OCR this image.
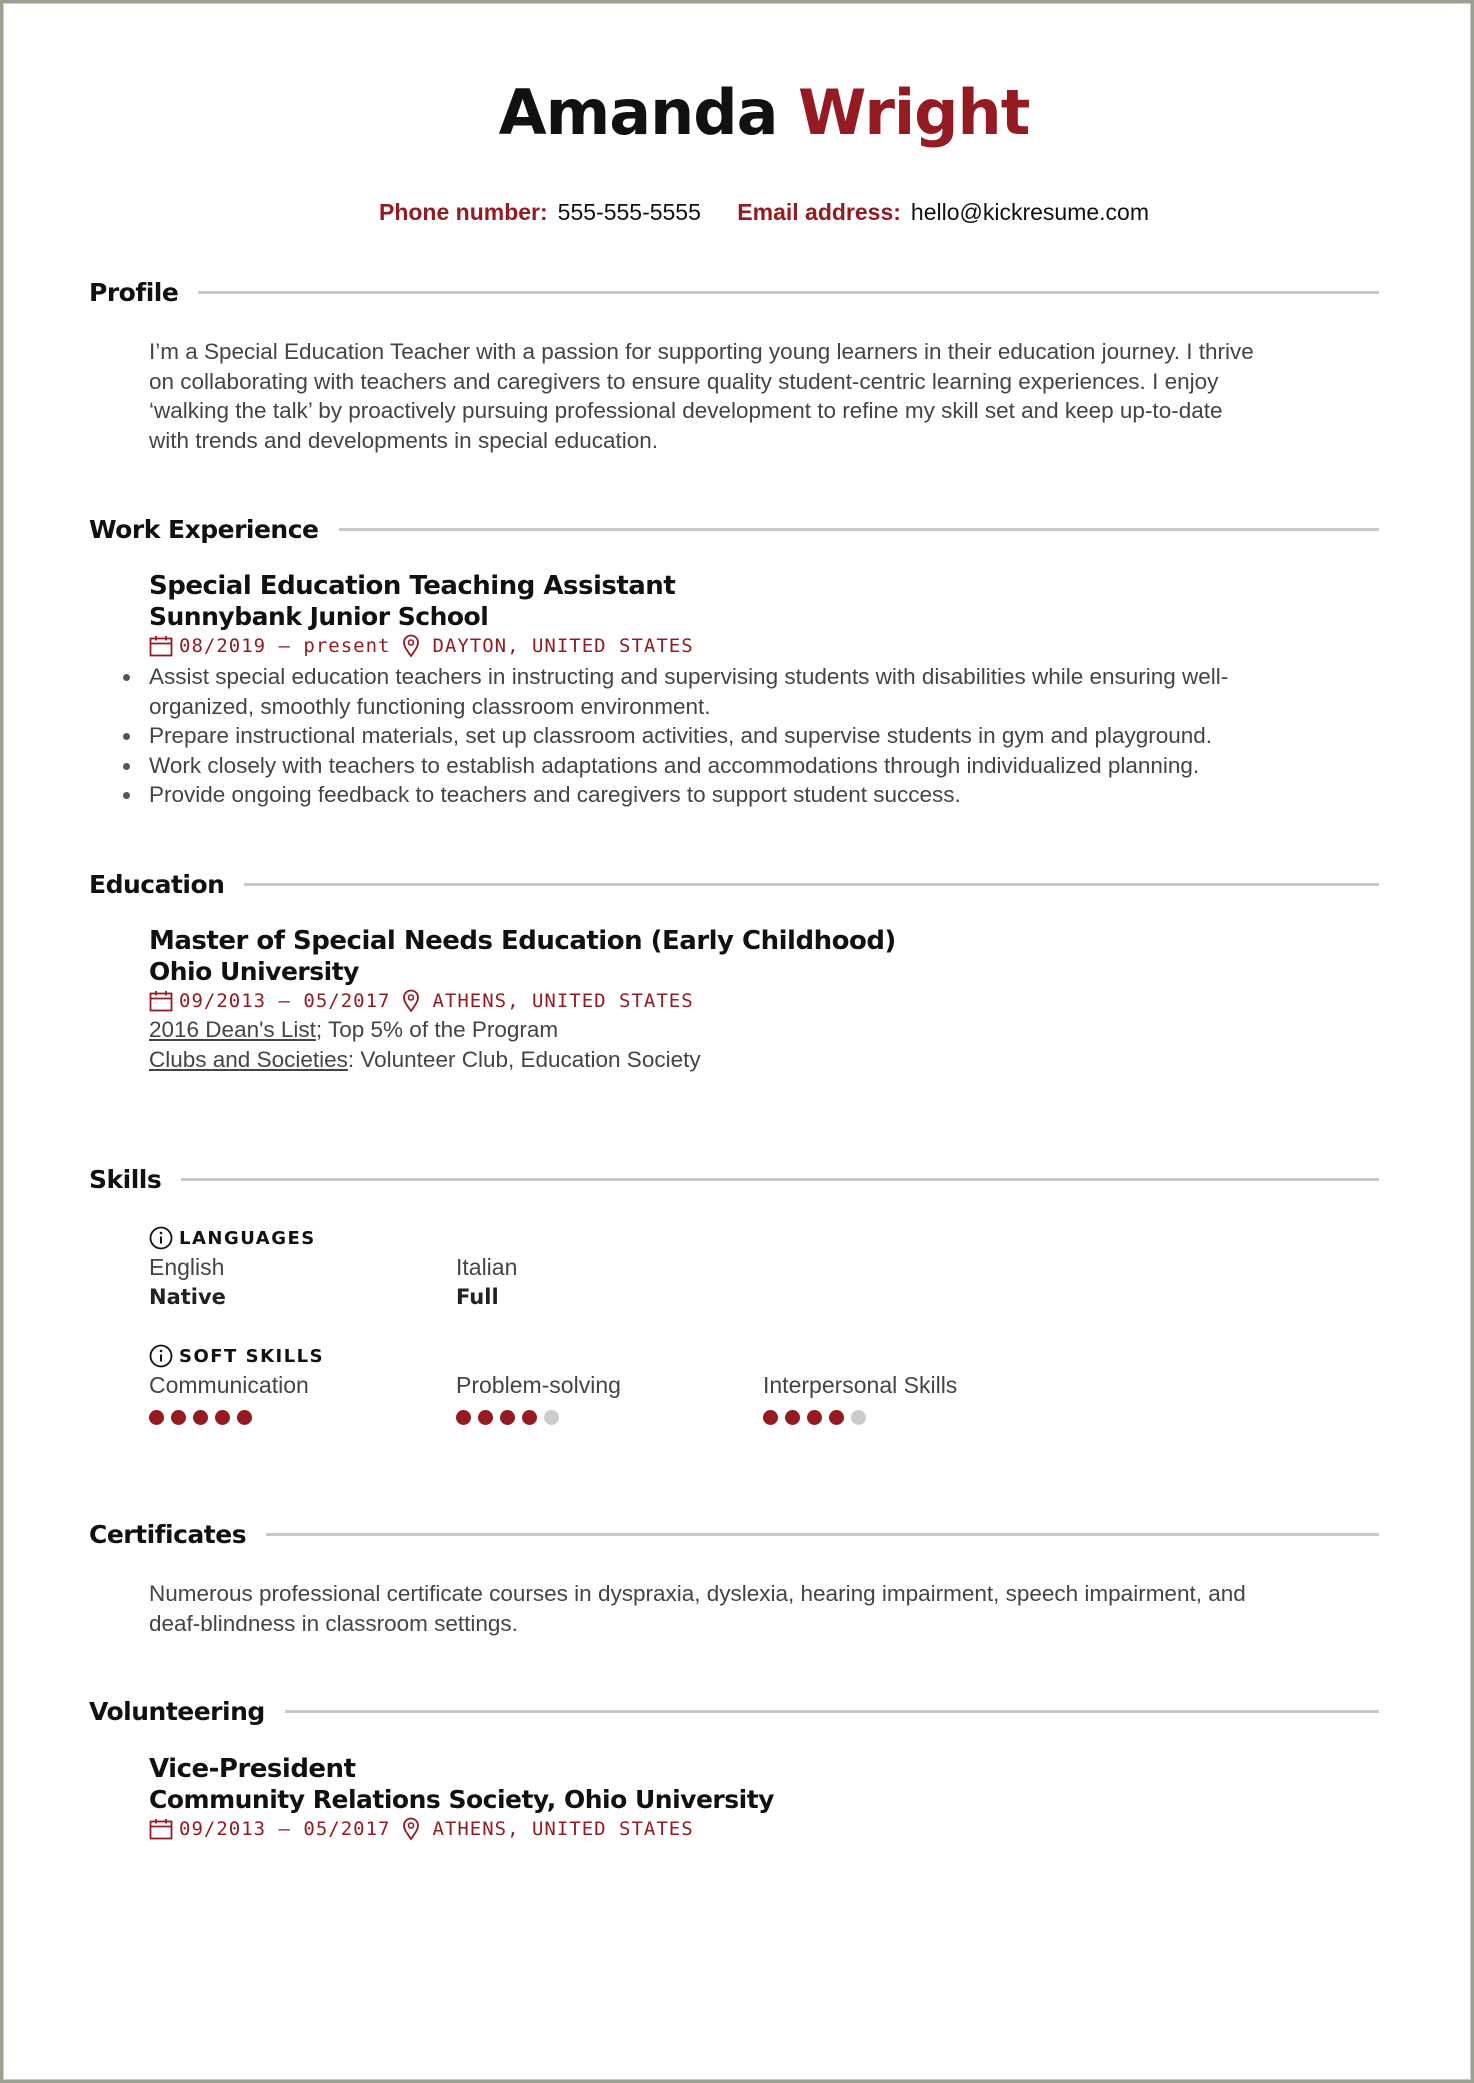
Amanda Wright
Phone number: 555-555-5555 Email address: hello@kickresume.com
Profile
I’m a Special Education Teacher with a passion for supporting young learners in their education journey. I thrive
on collaborating with teachers and caregivers to ensure quality student-centric learning experiences. I enjoy
‘walking the talk’ by proactively pursuing professional development to refine my skill set and keep up-to-date
with trends and developments in special education.
Work Experience
Special Education Teaching Assistant
Sunnybank Junior School
08/2019 – present DAYTON, UNITED STATES
Assist special education teachers in instructing and supervising students with disabilities while ensuring well-
organized, smoothly functioning classroom environment.
Prepare instructional materials, set up classroom activities, and supervise students in gym and playground.
Work closely with teachers to establish adaptations and accommodations through individualized planning.
Provide ongoing feedback to teachers and caregivers to support student success.
Education
Master of Special Needs Education (Early Childhood)
Ohio University
09/2013 – 05/2017 ATHENS, UNITED STATES
2016 Dean's List; Top 5% of the Program
Clubs and Societies: Volunteer Club, Education Society
Skills
LANGUAGES
English
Native
Italian
Full
SOFT SKILLS
Communication	Problem-solving	Interpersonal Skills
Certificates
Numerous professional certificate courses in dyspraxia, dyslexia, hearing impairment, speech impairment, and
deaf-blindness in classroom settings.
Volunteering
Vice-President
Community Relations Society, Ohio University
09/2013 – 05/2017 ATHENS, UNITED STATES
